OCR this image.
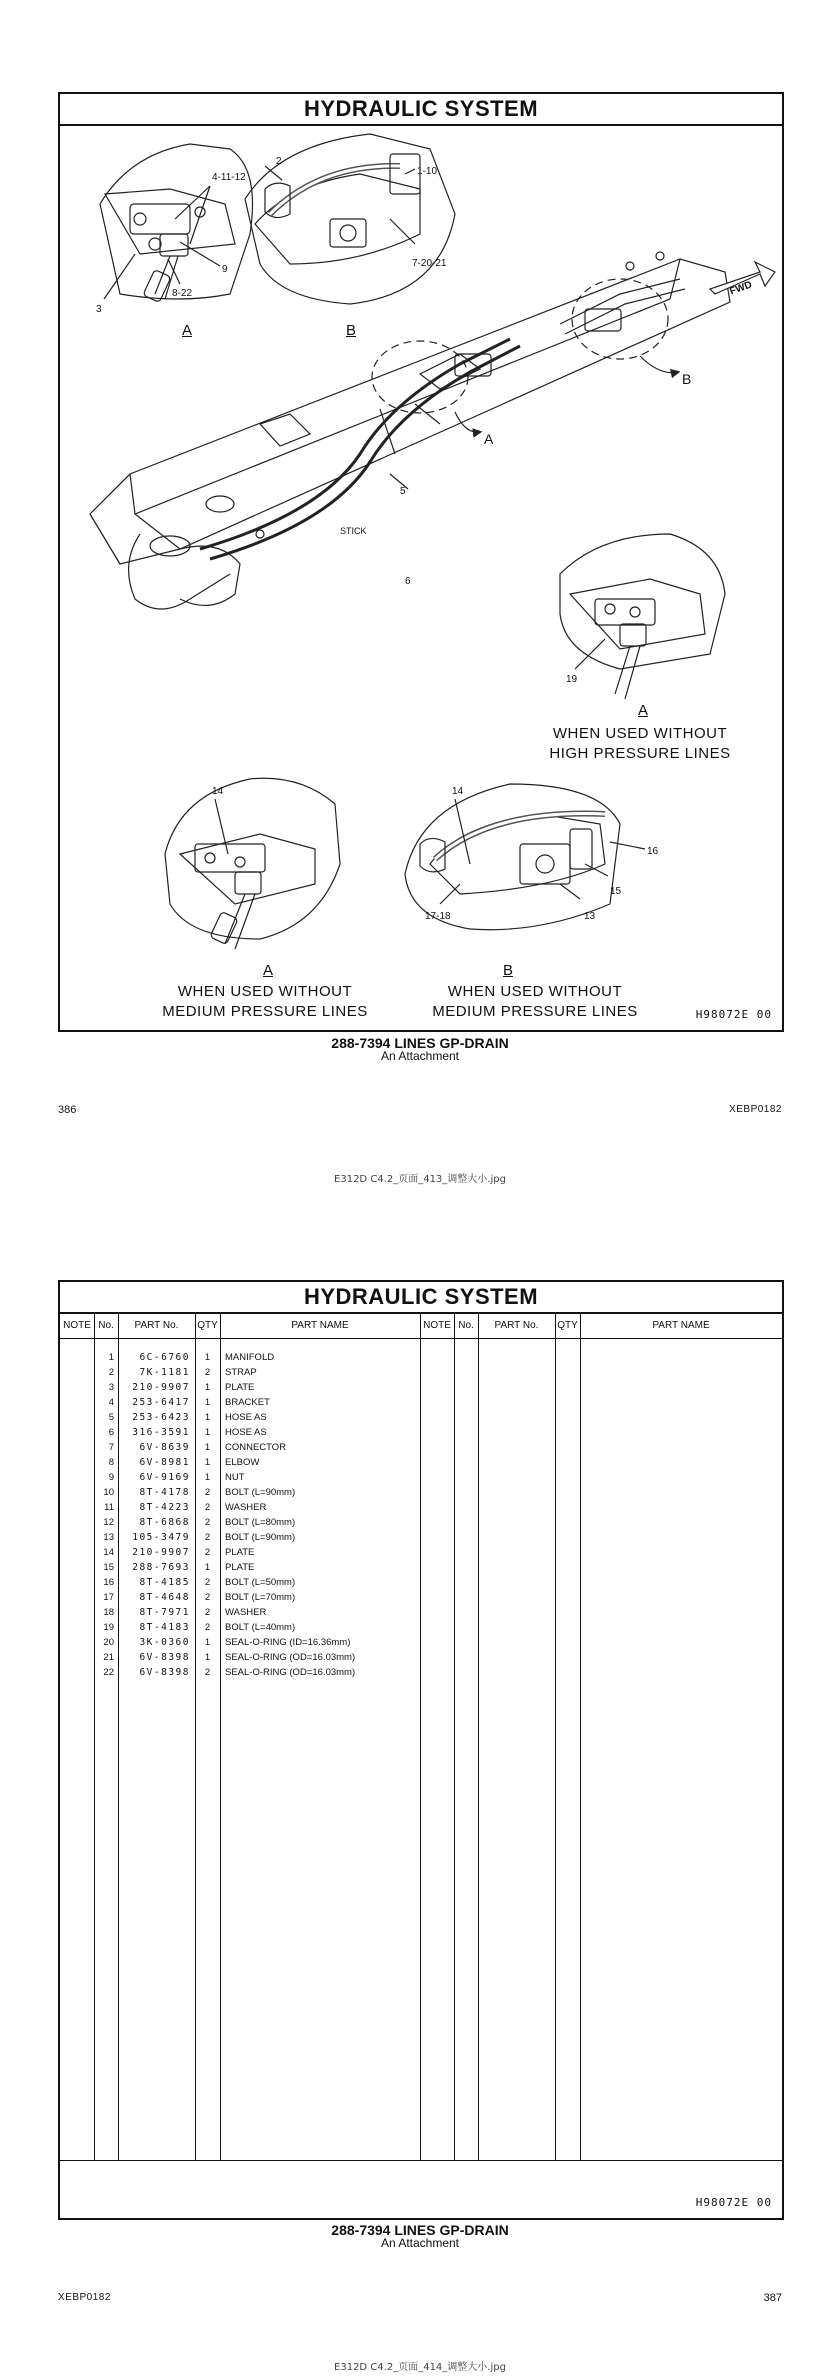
HYDRAULIC SYSTEM
4-11-12
2
1-10
7-20-21
9
3
8-22
5
6
19
14	14
16
15
13
17-18
STICK
FWD
A
B
A	B
A
A	B
WHEN USED WITHOUT
HIGH PRESSURE LINES
WHEN USED WITHOUT
MEDIUM PRESSURE LINES
WHEN USED WITHOUT
MEDIUM PRESSURE LINES	H98072E 00
288-7394 LINES GP-DRAIN
An Attachment
386	XEBP0182
E312D C4.2_页面_413_调整大小.jpg
HYDRAULIC SYSTEM
NOTE No.	PART No.	QTY	PART NAME	NOTE No.	PART No.	QTY	PART NAME
1	6C-6760	1	MANIFOLD
2	7K-1181	2	STRAP
3	210-9907	1	PLATE
4	253-6417	1	BRACKET
5	253-6423	1	HOSE AS
6	316-3591	1	HOSE AS
7	6V-8639	1	CONNECTOR
8	6V-8981	1	ELBOW
9	6V-9169	1	NUT
10	8T-4178	2	BOLT (L=90mm)
11	8T-4223	2	WASHER
12	8T-6868	2	BOLT (L=80mm)
13	105-3479	2	BOLT (L=90mm)
14	210-9907	2	PLATE
15	288-7693	1	PLATE
16	8T-4185	2	BOLT (L=50mm)
17	8T-4648	2	BOLT (L=70mm)
18	8T-7971	2	WASHER
19	8T-4183	2	BOLT (L=40mm)
20	3K-0360	1	SEAL-O-RING (ID=16.36mm)
21	6V-8398	1	SEAL-O-RING (OD=16.03mm)
22	6V-8398	2	SEAL-O-RING (OD=16.03mm)
H98072E 00
288-7394 LINES GP-DRAIN
An Attachment
XEBP0182	387
E312D C4.2_页面_414_调整大小.jpg
